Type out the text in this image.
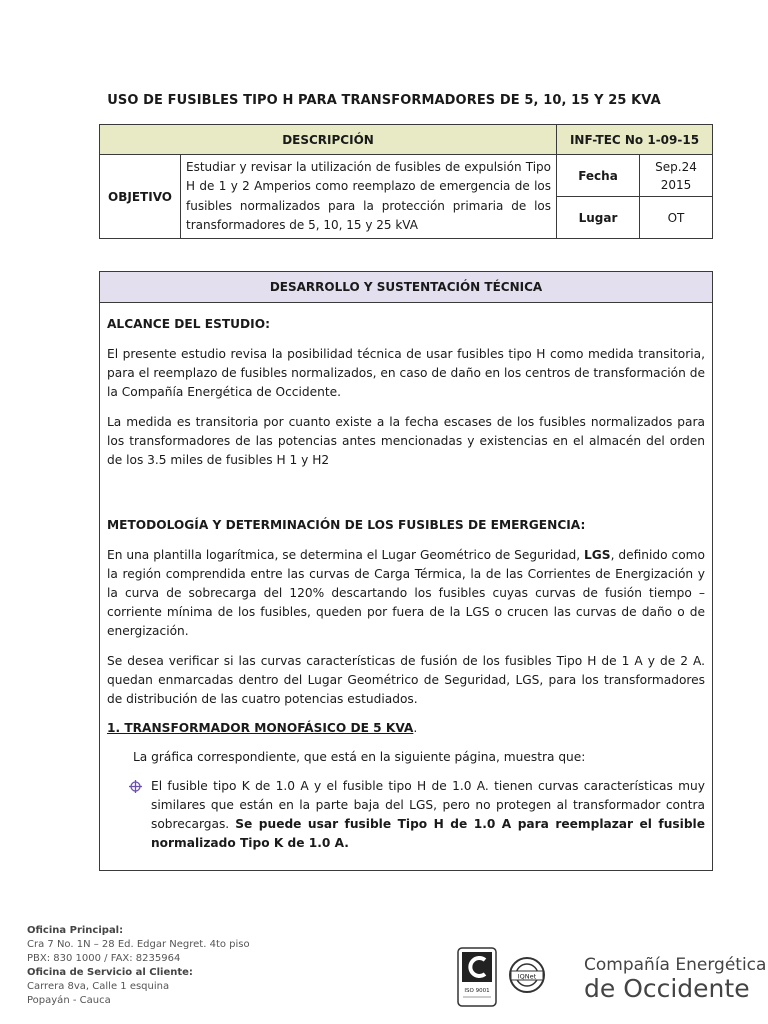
USO DE FUSIBLES TIPO H PARA TRANSFORMADORES DE 5, 10, 15 Y 25 KVA
DESCRIPCIÓN		INF-TEC No 1-09-15	
OBJETIVO	Estudiar y revisar la utilización de fusibles de expulsión Tipo H de 1 y 2 Amperios como reemplazo de emergencia de los fusibles normalizados para la protección primaria de los transformadores de 5, 10, 15 y 25 kVA	Fecha	Sep.24 2015
		Lugar	OT
DESARROLLO Y SUSTENTACIÓN TÉCNICA

ALCANCE DEL ESTUDIO:

El presente estudio revisa la posibilidad técnica de usar fusibles tipo H como medida transitoria, para el reemplazo de fusibles normalizados, en caso de daño en los centros de transformación de la Compañía Energética de Occidente.

La medida es transitoria por cuanto existe a la fecha escases de los fusibles normalizados para los transformadores de las potencias antes mencionadas y existencias en el almacén del orden de los 3.5 miles de fusibles H 1 y H2

METODOLOGÍA Y DETERMINACIÓN DE LOS FUSIBLES DE EMERGENCIA:

En una plantilla logarítmica, se determina el Lugar Geométrico de Seguridad, LGS, definido como la región comprendida entre las curvas de Carga Térmica, la de las Corrientes de Energización y la curva de sobrecarga del 120% descartando los fusibles cuyas curvas de fusión tiempo – corriente mínima de los fusibles, queden por fuera de la LGS o crucen las curvas de daño o de energización.

Se desea verificar si las curvas características de fusión de los fusibles Tipo H de 1 A y de 2 A. quedan enmarcadas dentro del Lugar Geométrico de Seguridad, LGS, para los transformadores de distribución de las cuatro potencias estudiados.

1. TRANSFORMADOR MONOFÁSICO DE 5 KVA.

La gráfica correspondiente, que está en la siguiente página, muestra que:

El fusible tipo K de 1.0 A y el fusible tipo H de 1.0 A. tienen curvas características muy similares que están en la parte baja del LGS, pero no protegen al transformador contra sobrecargas. Se puede usar fusible Tipo H de 1.0 A para reemplazar el fusible normalizado Tipo K de 1.0 A.
Oficina Principal:
Cra 7 No. 1N – 28 Ed. Edgar Negret. 4to piso
PBX: 830 1000 / FAX: 8235964
Oficina de Servicio al Cliente:
Carrera 8va, Calle 1 esquina
Popayán - Cauca
ISO 9001
IQNet
Compañía Energética
de Occidente
